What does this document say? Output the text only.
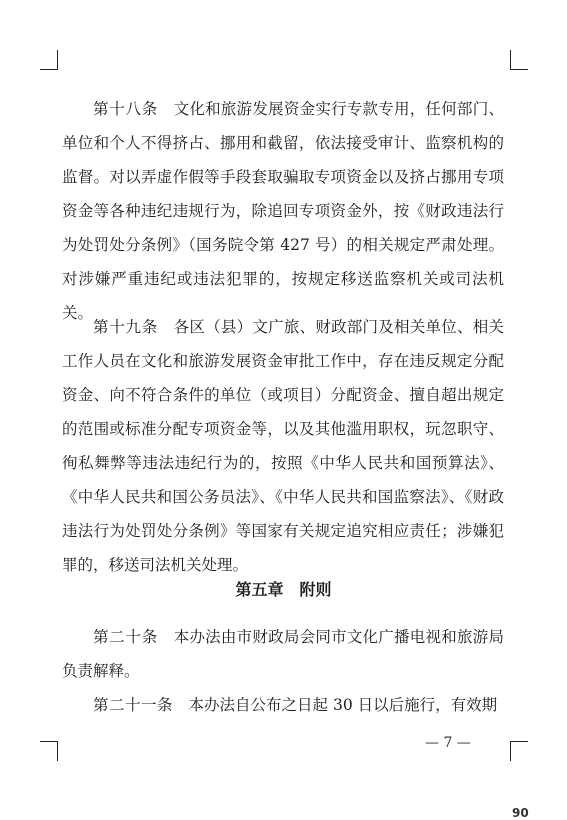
第十八条　 文化和旅游发展资金实行专款专用，任何部门、单位和个人不得挤占、挪用和截留，依法接受审计、监察机构的监督。对以弄虚作假等手段套取骗取专项资金以及挤占挪用专项资金等各种违纪违规行为，除追回专项资金外，按《财政违法行为处罚处分条例》（国务院令第 427 号）的相关规定严肃处理。对涉嫌严重违纪或违法犯罪的，按规定移送监察机关或司法机关。

第十九条　 各区（县）文广旅、财政部门及相关单位、相关工作人员在文化和旅游发展资金审批工作中，存在违反规定分配资金、向不符合条件的单位（或项目）分配资金、擅自超出规定的范围或标准分配专项资金等，以及其他滥用职权，玩忽职守、徇私舞弊等违法违纪行为的，按照《中华人民共和国预算法》、《中华人民共和国公务员法》、《中华人民共和国监察法》、《财政违法行为处罚处分条例》等国家有关规定追究相应责任；涉嫌犯罪的，移送司法机关处理。

第五章　附则

第二十条　 本办法由市财政局会同市文化广播电视和旅游局负责解释。

第二十一条　 本办法自公布之日起 30 日以后施行，有效期

— 7 —
90
